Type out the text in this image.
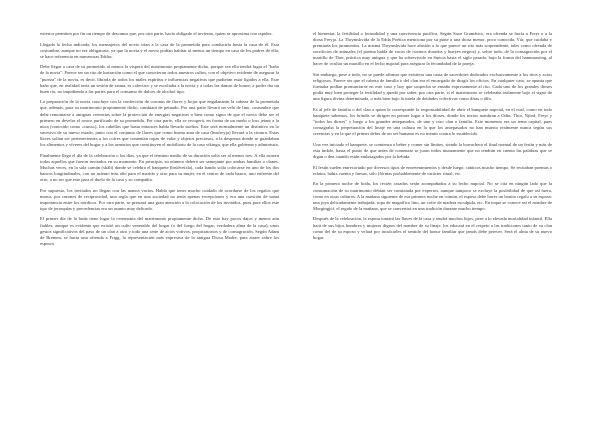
exterior permiten por fin un tiempo de descanso que, por otra parte, hacía obligado el invierno, quien se aproxima con rapidez.

Llegada la fecha indicada, los mensajeros del novio irían a la casa de la prometida para conducirla hasta la casa de él. Esta costumbre, aunque no era obligatoria, ya que la novia y el novio podían habitar al menos un tiempo en casa de los padres de ella, se hace referencia en numerosas Eddas.

Debe llegar a casa de su prometido al menos la víspera del matrimonio propiamente dicho, porque sea ella tendrá lugar el "baño de la novia". Parece ser un rito de lustración como el que conocieron todos nuestros cultos, con el objetivo evidente de asegurar la "pureza" de la novia, es decir, librarla de todos los males espíritus e influencias negativas que pudieran estar ligados a ella. Este baño que, en realidad sería un sesión de sauna, es colectivo y se escoltaba a la novia y a todas las damas de honor; a poder dar un buen río, no impidiendo a las partes para el consumo de dulces de alcohol tipo.

La preparación de la novia concluye con la confección de coronas de flores y hojas que engalanarán la cabeza de la prometida que, además, para su matrimonio propiamente dicho, cambiará de peinado. Por una parte llevará un velo de lino, costumbre que debe remontarse a antiguas creencias sobre la protección de energías negativas o bien como signo de que el novio debe ser el primero en develar el rostro purificado de su prometida. Por otra parte, ella se recogerá, en forma de un moño o loss jetant a la nuca (conocido como «cuna»), los cabellos que hasta entonces había llevado sueltos. Este será normalmente un distintivo en lo sucesivo de su nuevo estado, junto con el conjunto de llaves que como buena ama de casa (husfreyja) llevará a la cintura. Estas llaves solían ser pertenecientes a los cofres que contenían ropas de valor y objetos preciosos, a la despensa donde se guardaban los alimentos y víveres del hogar y a los armarios que constituyen el mobiliario de la casa vikinga, que ella gobierna y administra.

Finalmente llega el día de la celebración o los días, ya que el término medio de su duración solía ser al menos tres. A ella asisten todos aquellos que fueron invitados en su momento. En principio, su número deberá ser semejante por ambas familias o clanes. Muchas veces, en la sala común (skáli) donde se celebra el banquete (brúðveizla), cada bando solía colocarse en uno de los dos bancos longitudinales, con un asiento más alto para el marido y otro para su mujer, en el centro de cada banco, uno enfrente del otro, a no ser que este para el duelo de la casa y su compañía.

Por supuesto, los invitados no llegan con las manos vacías. Había que tener mucho cuidado de acordarse de los regalos que marca, por razones de reciprocidad, una regla que en una sociedad no tenía apenas excepciones y era una cuestión de suma importancia entre los nórdicos. Por otra parte, se prestará una gran atención a la colocación de los invitados, pues para ellos este tipo de jerarquías y precedencias era un asunto muy delicado.

El primer día de la boda tiene lugar la ceremonia del matrimonio propiamente dicha. De esto hay pocos datos y menos aún fiables, aunque es evidente que existió un culto venerable del hogar (o del fuego del hogar, verdadera alma de la casa), unos gestos significativos del paso de un clan a otro y todo una serie de actos votivos, propiciatorios y de consagración. Según Adam de Bremen, se hacía una ofrenda a Frigg, la representación más expresiva de la antigua Diosa Madre, para atraer sobre los esposos

el bienestar, la fertilidad o fecundidad y una convivencia pacífica. Según Saxo Gramático, era ofrenda se hacía a Freyr o a la diosa Freyja. La Thrymskvida de la Edda Poética menciona por su parte a una diosa menor, poco conocida, Vár, que cuidaba y premiaría los juramentos. La misma Thrymskvida hace alusión a lo que parece un rito más sorprendente, tales como ofrenda de sacrificios de animales (el poema habla de vacas de cuernos dorados y bueyes negros) y, sobre todo, de la consagración por el martillo de Thor, práctica muy antigua y que ha sobrevivido en Suecia hasta el siglo pasado, bajo la forma del hammarsöng, al hacer de ocultar un martillo en el lecho nupcial para asegurar la fecundidad de la pareja.

Sin embargo, pese a todo, no se puede afirmar que existiera una casta de sacerdotes dedicados exclusivamente a los ritos y actos religiosos. Parece ser que el cabeza de familia o del clan era el encargado de dirigir los oficios. En cualquier caso, se apunta que formaba podían pronunciarse en este caso y hoy que sospecha se ensaña expresamente al rito. Cada uno de los grandes dioses podía muy bien proteger la fertilidad y quedó por saber, por otra parte, si el matrimonio se celebraba realmente bajo el signo de una figura divina determinada, o más bien bajo la tutela de deidades colectivas como dísas o álfa.

Es al jefe de familia o del clan a quien le corresponde la responsabilidad de abrir el banquete nupcial, en el cual, como en todo banquete sabemos, los brindis se dirigen en primer lugar a los dioses, donde los textos nombran a Odín, Thor, Njörd, Freyr y "todos los dioses" y luego a los grandes antepasados, de uno y otro clan o familia. Este momento era un tema capital, pues consagraba la perpetuación del linaje en una cultura en la que los antepasados no han muerto realmente nunca según sus creencias y en la que el primer deber de un ser humano es no mentir contra lo establecido.

Una vez iniciado el banquete, se comienza a beber y comer sin límites, siendo la borrachera el final normal de un festín y más de esta índole, hasta el punto de que antes de comenzar se juran todos mutuamente que no tendrán en cuenta las palabras que se digan o den cuando están embriagados por la bebida.

El festín suelen entrecortado por diversos tipos de entretenimientos y desde luego, cánticos mucho tiempo. Se recitaban poemas o relatos, había cuenta y fuesas, sólo (fórmas probablemente de carácter ritual, etc.

En la primera noche de boda, los recién casados serán acompañados a su lecho nupcial. No se cita en ningún lado que la consumación de su matrimonio debían ser constatada por expertos, aunque tampoco se excluye la posibilidad de que así fuera, como en otras culturas. A la mañana siguiente de esa primera noche en común, el esposo debe hacer un bonito regalo a su esposa: una joya delicadamente trabajada, ropa de magnífico lino, un cofre de madera esculpida, etc. En toque se conoce así el nombre de Morgingjöf, el regalo de la mañana, que se convertirá en una tradición durante mucho tiempo.

Después de la celebración, la esposa tomará las llaves de la casa y tendrá muchos hijos, pese a lo elevada mortalidad infantil. Ella hará de sus hijos hombres y mujeres dignos del nombre de su linaje, los educará en el respeto a las tradiciones tanto de su clan como del de su esposo y velará por inculcarles el sentido del honor familiar que jamás debe perecer. Será el alma de su nuevo hogar.
